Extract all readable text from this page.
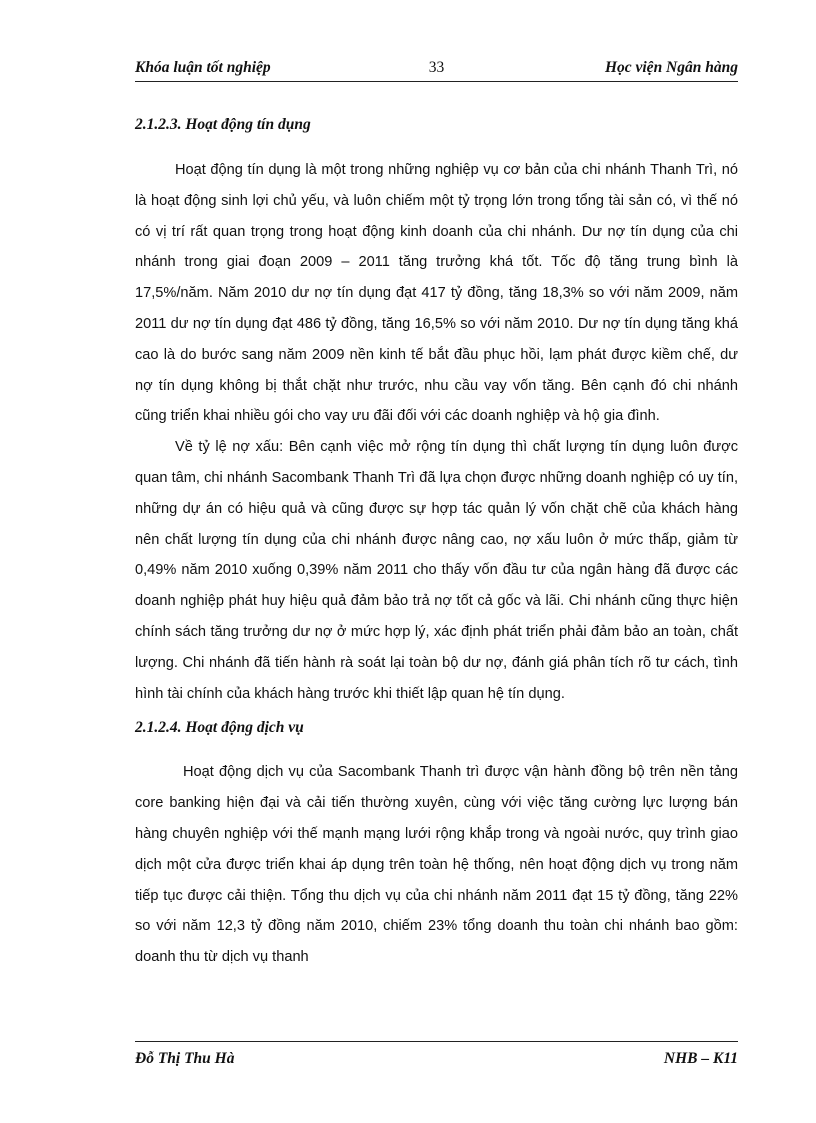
Khóa luận tốt nghiệp	33	Học viện Ngân hàng
2.1.2.3. Hoạt động tín dụng

Hoạt động tín dụng là một trong những nghiệp vụ cơ bản của chi nhánh Thanh Trì, nó là hoạt động sinh lợi chủ yếu, và luôn chiếm một tỷ trọng lớn trong tổng tài sản có, vì thế nó có vị trí rất quan trọng trong hoạt động kinh doanh của chi nhánh. Dư nợ tín dụng của chi nhánh trong giai đoạn 2009 – 2011 tăng trưởng khá tốt. Tốc độ tăng trung bình là 17,5%/năm. Năm 2010 dư nợ tín dụng đạt 417 tỷ đồng, tăng 18,3% so với năm 2009, năm 2011 dư nợ tín dụng đạt 486 tỷ đồng, tăng 16,5% so với năm 2010. Dư nợ tín dụng tăng khá cao là do bước sang năm 2009 nền kinh tế bắt đầu phục hồi, lạm phát được kiềm chế, dư nợ tín dụng không bị thắt chặt như trước, nhu cầu vay vốn tăng. Bên cạnh đó chi nhánh cũng triển khai nhiều gói cho vay ưu đãi đối với các doanh nghiệp và hộ gia đình.

Về tỷ lệ nợ xấu: Bên cạnh việc mở rộng tín dụng thì chất lượng tín dụng luôn được quan tâm, chi nhánh Sacombank Thanh Trì đã lựa chọn được những doanh nghiệp có uy tín, những dự án có hiệu quả và cũng được sự hợp tác quản lý vốn chặt chẽ của khách hàng nên chất lượng tín dụng của chi nhánh được nâng cao, nợ xấu luôn ở mức thấp, giảm từ 0,49% năm 2010 xuống 0,39% năm 2011 cho thấy vốn đầu tư của ngân hàng đã được các doanh nghiệp phát huy hiệu quả đảm bảo trả nợ tốt cả gốc và lãi. Chi nhánh cũng thực hiện chính sách tăng trưởng dư nợ ở mức hợp lý, xác định phát triển phải đảm bảo an toàn, chất lượng. Chi nhánh đã tiến hành rà soát lại toàn bộ dư nợ, đánh giá phân tích rõ tư cách, tình hình tài chính của khách hàng trước khi thiết lập quan hệ tín dụng.

2.1.2.4. Hoạt động dịch vụ

Hoạt động dịch vụ của Sacombank Thanh trì được vận hành đồng bộ trên nền tảng core banking hiện đại và cải tiến thường xuyên, cùng với việc tăng cường lực lượng bán hàng chuyên nghiệp với thế mạnh mạng lưới rộng khắp trong và ngoài nước, quy trình giao dịch một cửa được triển khai áp dụng trên toàn hệ thống, nên hoạt động dịch vụ trong năm tiếp tục được cải thiện. Tổng thu dịch vụ của chi nhánh năm 2011 đạt 15 tỷ đồng, tăng 22% so với năm 12,3 tỷ đồng năm 2010, chiếm 23% tổng doanh thu toàn chi nhánh bao gồm: doanh thu từ dịch vụ thanh

Đỗ Thị Thu Hà	NHB – K11
